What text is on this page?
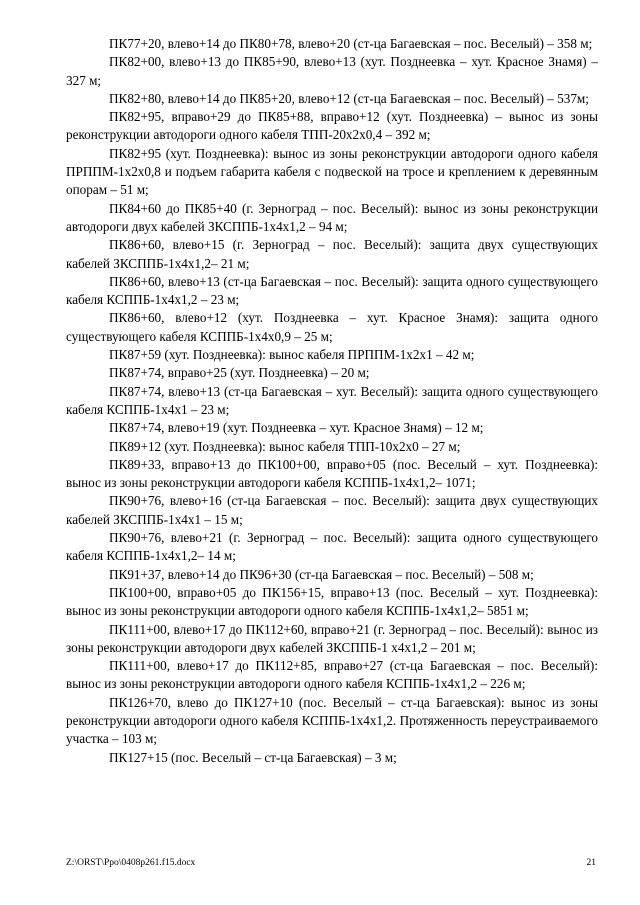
ПК77+20, влево+14 до ПК80+78, влево+20 (ст-ца Багаевская – пос. Веселый) – 358 м;

ПК82+00, влево+13 до ПК85+90, влево+13 (хут. Позднеевка – хут. Красное Знамя) – 327 м;

ПК82+80, влево+14 до ПК85+20, влево+12 (ст-ца Багаевская – пос. Веселый) – 537м;

ПК82+95, вправо+29 до ПК85+88, вправо+12 (хут. Позднеевка) – вынос из зоны реконструкции автодороги одного кабеля ТПП-20х2х0,4 – 392 м;

ПК82+95 (хут. Позднеевка): вынос из зоны реконструкции автодороги одного кабеля ПРППМ-1х2х0,8 и подъем габарита кабеля с подвеской на тросе и креплением к деревянным опорам – 51 м;

ПК84+60 до ПК85+40 (г. Зерноград – пос. Веселый): вынос из зоны реконструкции автодороги двух кабелей ЗКСППБ-1х4х1,2 – 94 м;

ПК86+60, влево+15 (г. Зерноград – пос. Веселый): защита двух существующих кабелей ЗКСППБ-1х4х1,2– 21 м;

ПК86+60, влево+13 (ст-ца Багаевская – пос. Веселый): защита одного существующего кабеля КСППБ-1х4х1,2 – 23 м;

ПК86+60, влево+12 (хут. Позднеевка – хут. Красное Знамя): защита одного существующего кабеля КСППБ-1х4х0,9 – 25 м;

ПК87+59 (хут. Позднеевка): вынос кабеля ПРППМ-1х2х1 – 42 м;

ПК87+74, вправо+25 (хут. Позднеевка) – 20 м;

ПК87+74, влево+13 (ст-ца Багаевская – хут. Веселый): защита одного существующего кабеля КСППБ-1х4х1 – 23 м;

ПК87+74, влево+19 (хут. Позднеевка – хут. Красное Знамя) – 12 м;

ПК89+12 (хут. Позднеевка): вынос кабеля ТПП-10х2х0 – 27 м;

ПК89+33, вправо+13 до ПК100+00, вправо+05 (пос. Веселый – хут. Позднеевка): вынос из зоны реконструкции автодороги кабеля КСППБ-1х4х1,2– 1071;

ПК90+76, влево+16 (ст-ца Багаевская – пос. Веселый): защита двух существующих кабелей ЗКСППБ-1х4х1 – 15 м;

ПК90+76, влево+21 (г. Зерноград – пос. Веселый): защита одного существующего кабеля КСППБ-1х4х1,2– 14 м;

ПК91+37, влево+14 до ПК96+30 (ст-ца Багаевская – пос. Веселый) – 508 м;

ПК100+00, вправо+05 до ПК156+15, вправо+13 (пос. Веселый – хут. Позднеевка): вынос из зоны реконструкции автодороги одного кабеля КСППБ-1х4х1,2– 5851 м;

ПК111+00, влево+17 до ПК112+60, вправо+21 (г. Зерноград – пос. Веселый): вынос из зоны реконструкции автодороги двух кабелей ЗКСППБ-1 х4х1,2 – 201 м;

ПК111+00, влево+17 до ПК112+85, вправо+27 (ст-ца Багаевская – пос. Веселый): вынос из зоны реконструкции автодороги одного кабеля КСППБ-1х4х1,2 – 226 м;

ПК126+70, влево до ПК127+10 (пос. Веселый – ст-ца Багаевская): вынос из зоны реконструкции автодороги одного кабеля КСППБ-1х4х1,2. Протяженность переустраиваемого участка – 103 м;

ПК127+15 (пос. Веселый – ст-ца Багаевская) – 3 м;

Z:\ORST\Ppo\0408p261.f15.docx	21
